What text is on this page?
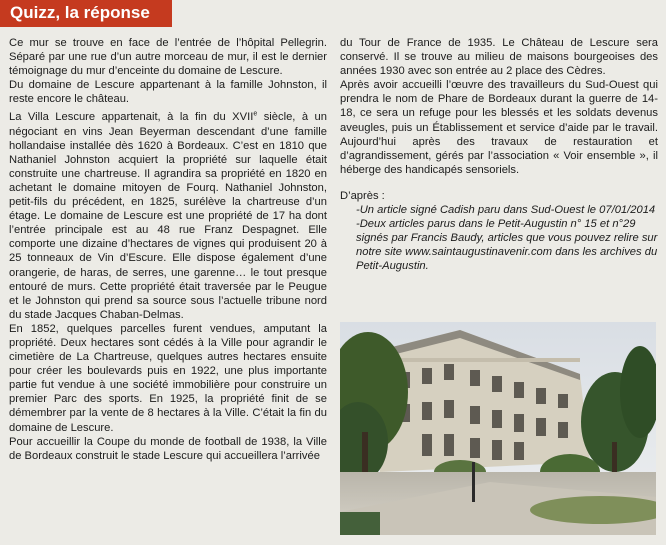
Quizz, la réponse

Ce mur se trouve en face de l’entrée de l’hôpital Pellegrin. Séparé par une rue d’un autre morceau de mur, il est le dernier témoignage du mur d’enceinte du domaine de Lescure.

Du domaine de Lescure appartenant à la famille Johnston, il reste encore le château.

La Villa Lescure appartenait, à la fin du XVIIe siècle, à un négociant en vins Jean Beyerman descendant d’une famille hollandaise installée dès 1620 à Bordeaux. C’est en 1810 que Nathaniel Johnston acquiert la propriété sur laquelle était construite une chartreuse. Il agrandira sa propriété en 1820 en achetant le domaine mitoyen de Fourq. Nathaniel Johnston, petit-fils du précédent, en 1825, surélève la chartreuse d’un étage. Le domaine de Lescure est une propriété de 17 ha dont l’entrée principale est au 48 rue Franz Despagnet. Elle comporte une dizaine d’hectares de vignes qui produisent 20 à 25 tonneaux de Vin d’Escure. Elle dispose également d’une orangerie, de haras, de serres, une garenne… le tout presque entouré de murs. Cette propriété était traversée par le Peugue et le Johnston qui prend sa source sous l’actuelle tribune nord du stade Jacques Chaban-Delmas.

En 1852, quelques parcelles furent vendues, amputant la propriété. Deux hectares sont cédés à la Ville pour agrandir le cimetière de La Chartreuse, quelques autres hectares ensuite pour créer les boulevards puis en 1922, une plus importante partie fut vendue à une société immobilière pour construire un premier Parc des sports. En 1925, la propriété finit de se démembrer par la vente de 8 hectares à la Ville. C’était la fin du domaine de Lescure.

Pour accueillir la Coupe du monde de football de 1938, la Ville de Bordeaux construit le stade Lescure qui accueillera l’arrivée

du Tour de France de 1935. Le Château de Lescure sera conservé. Il se trouve au milieu de maisons bourgeoises des années 1930 avec son entrée au 2 place des Cèdres.

Après avoir accueilli l’œuvre des travailleurs du Sud-Ouest qui prendra le nom de Phare de Bordeaux durant la guerre de 14-18, ce sera un refuge pour les blessés et les soldats devenus aveugles, puis un Établissement et service d’aide par le travail. Aujourd’hui après des travaux de restauration et d’agrandissement, gérés par l’association « Voir ensemble », il héberge des handicapés sensoriels.

D’après :

-Un article signé Cadish paru dans Sud-Ouest le 07/01/2014

-Deux articles parus dans le Petit-Augustin n° 15 et n°29 signés par Francis Baudy, articles que vous pouvez relire sur notre site www.saintaugustinavenir.com dans les archives du Petit-Augustin.
